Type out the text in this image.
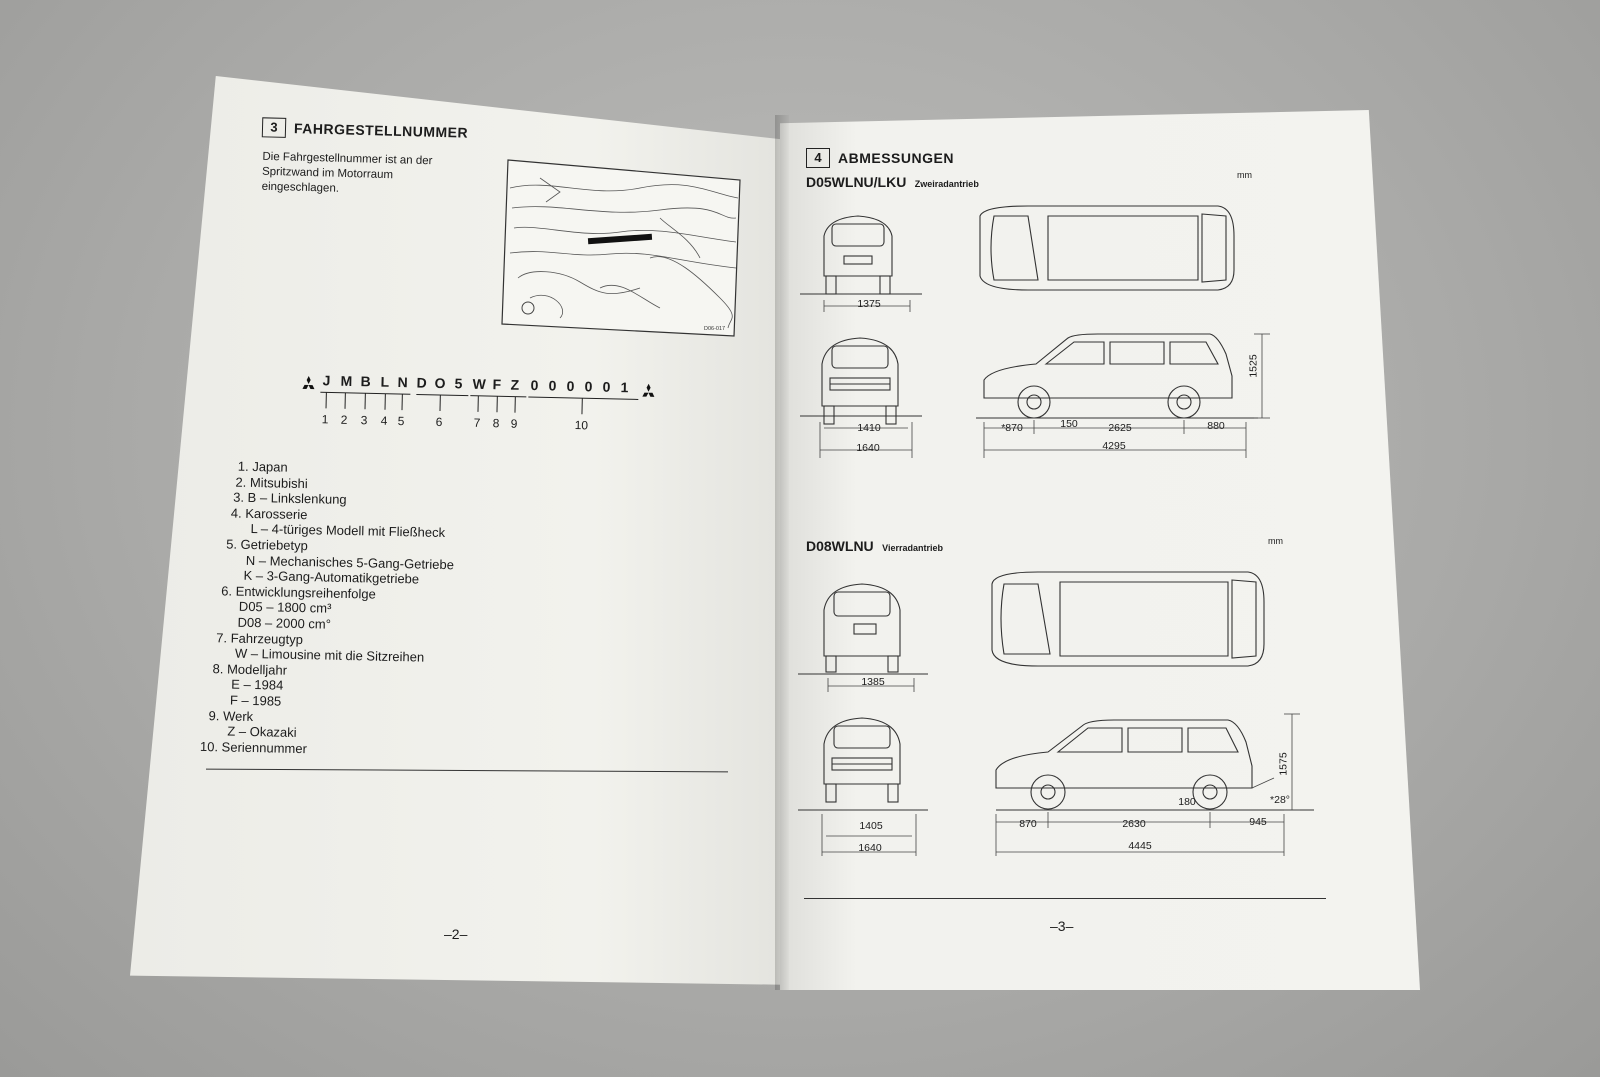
3	FAHRGESTELLNUMMER
Die Fahrgestellnummer ist an der
Spritzwand im Motorraum
eingeschlagen.
D06-017
J M B L N D O 5 W F Z 0 0 0 0 0 1
1 2 3 4 5	6	7 8 9	10
1. Japan
2. Mitsubishi
3. B – Linkslenkung
4. Karosserie
L – 4-türiges Modell mit Fließheck
5. Getriebetyp
N – Mechanisches 5-Gang-Getriebe
K – 3-Gang-Automatikgetriebe
6. Entwicklungsreihenfolge
D05 – 1800 cm³
D08 – 2000 cm°
7. Fahrzeugtyp
W – Limousine mit die Sitzreihen
8. Modelljahr
E – 1984
F – 1985
9. Werk
Z – Okazaki
10. Seriennummer
–2–
4	ABMESSUNGEN
D05WLNU/LKU Zweiradantrieb
mm
1375
1410
1640
1525
*870	150	2625	880
4295
D08WLNU Vierradantrieb
mm
1385
1405
1640
1575
180	*28°
870	2630	945
4445
–3–
